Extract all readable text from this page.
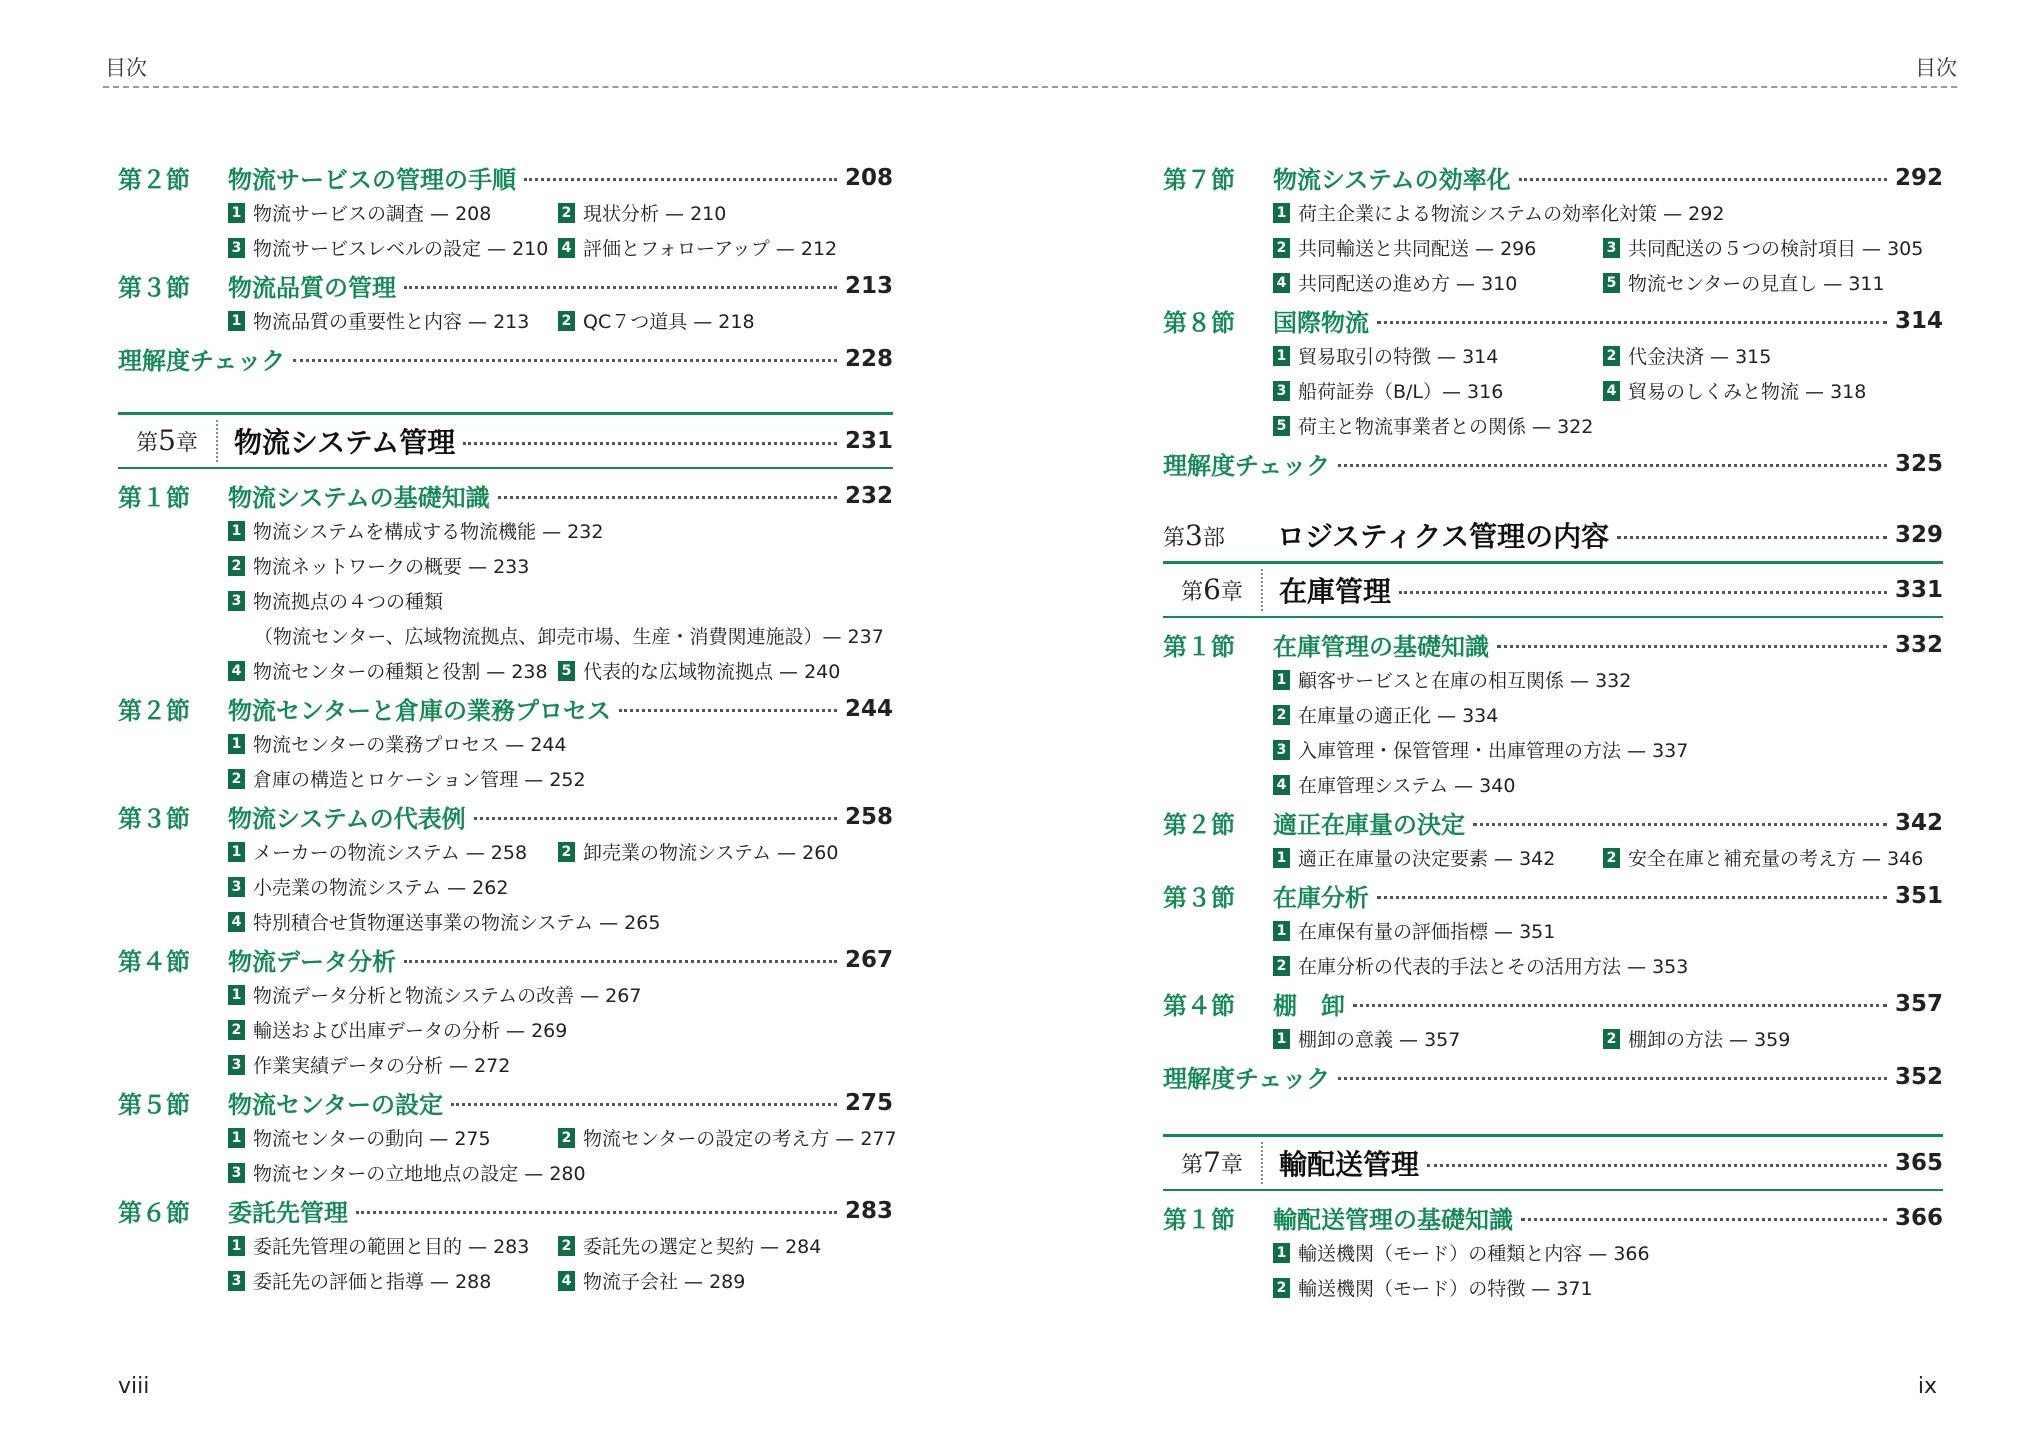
目次	目次
第２節	物流サービスの管理の手順	208
1 物流サービスの調査 — 208	2 現状分析 — 210
3 物流サービスレベルの設定 — 210 4 評価とフォローアップ — 212
第３節	物流品質の管理	213
1 物流品質の重要性と内容 — 213 2 QC７つ道具 — 218
理解度チェック	228
第5章	物流システム管理	231
第１節	物流システムの基礎知識	232
1 物流システムを構成する物流機能 — 232
2 物流ネットワークの概要 — 233
3 物流拠点の４つの種類
（物流センター、広域物流拠点、卸売市場、生産・消費関連施設）— 237
4 物流センターの種類と役割 — 238 5 代表的な広域物流拠点 — 240
第２節	物流センターと倉庫の業務プロセス	244
1 物流センターの業務プロセス — 244
2 倉庫の構造とロケーション管理 — 252
第３節	物流システムの代表例	258
1 メーカーの物流システム — 258 2 卸売業の物流システム — 260
3 小売業の物流システム — 262
4 特別積合せ貨物運送事業の物流システム — 265
第４節	物流データ分析	267
1 物流データ分析と物流システムの改善 — 267
2 輸送および出庫データの分析 — 269
3 作業実績データの分析 — 272
第５節	物流センターの設定	275
1 物流センターの動向 — 275	2 物流センターの設定の考え方 — 277
3 物流センターの立地地点の設定 — 280
第６節	委託先管理	283
1 委託先管理の範囲と目的 — 283 2 委託先の選定と契約 — 284
3 委託先の評価と指導 — 288	4 物流子会社 — 289
第７節	物流システムの効率化	292
1 荷主企業による物流システムの効率化対策 — 292
2 共同輸送と共同配送 — 296	3 共同配送の５つの検討項目 — 305
4 共同配送の進め方 — 310	5 物流センターの見直し — 311
第８節	国際物流	314
1 貿易取引の特徴 — 314	2 代金決済 — 315
3 船荷証券（B/L）— 316	4 貿易のしくみと物流 — 318
5 荷主と物流事業者との関係 — 322
理解度チェック	325
第3部	ロジスティクス管理の内容	329
第6章	在庫管理	331
第１節	在庫管理の基礎知識	332
1 顧客サービスと在庫の相互関係 — 332
2 在庫量の適正化 — 334
3 入庫管理・保管管理・出庫管理の方法 — 337
4 在庫管理システム — 340
第２節	適正在庫量の決定	342
1 適正在庫量の決定要素 — 342	2 安全在庫と補充量の考え方 — 346
第３節	在庫分析	351
1 在庫保有量の評価指標 — 351
2 在庫分析の代表的手法とその活用方法 — 353
第４節	棚　卸	357
1 棚卸の意義 — 357	2 棚卸の方法 — 359
理解度チェック	352
第7章	輸配送管理	365
第１節	輸配送管理の基礎知識	366
1 輸送機関（モード）の種類と内容 — 366
2 輸送機関（モード）の特徴 — 371
viii	ix
